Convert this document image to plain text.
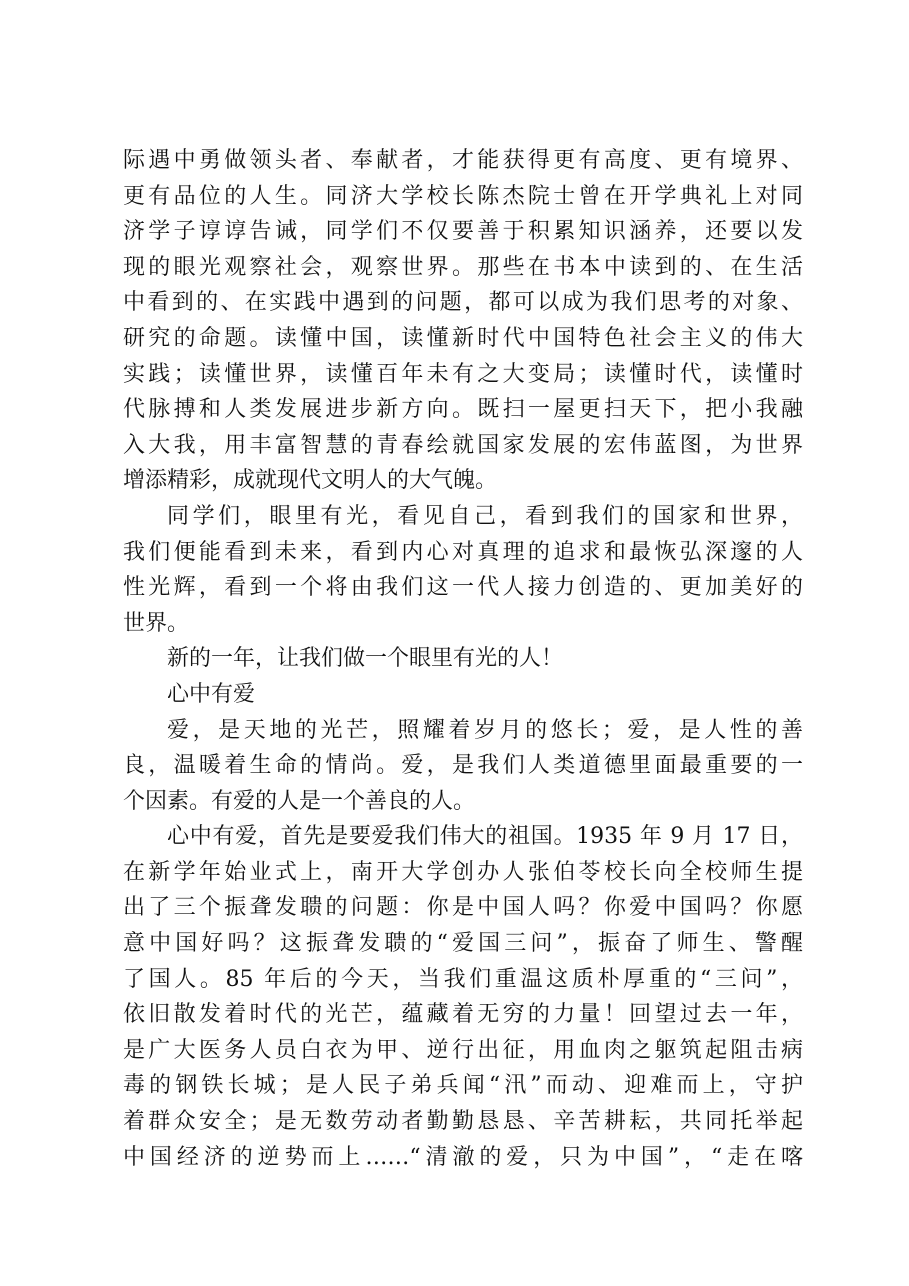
际遇中勇做领头者、奉献者，才能获得更有高度、更有境界、
更有品位的人生。同济大学校长陈杰院士曾在开学典礼上对同
济学子谆谆告诫，同学们不仅要善于积累知识涵养，还要以发
现的眼光观察社会，观察世界。那些在书本中读到的、在生活
中看到的、在实践中遇到的问题，都可以成为我们思考的对象、
研究的命题。读懂中国，读懂新时代中国特色社会主义的伟大
实践；读懂世界，读懂百年未有之大变局；读懂时代，读懂时
代脉搏和人类发展进步新方向。既扫一屋更扫天下，把小我融
入大我，用丰富智慧的青春绘就国家发展的宏伟蓝图，为世界
增添精彩，成就现代文明人的大气魄。
同学们，眼里有光，看见自己，看到我们的国家和世界，
我们便能看到未来，看到内心对真理的追求和最恢弘深邃的人
性光辉，看到一个将由我们这一代人接力创造的、更加美好的
世界。
新的一年，让我们做一个眼里有光的人！
心中有爱
爱，是天地的光芒，照耀着岁月的悠长；爱，是人性的善
良，温暖着生命的情尚。爱，是我们人类道德里面最重要的一
个因素。有爱的人是一个善良的人。
心中有爱，首先是要爱我们伟大的祖国。1935 年 9 月 17 日，
在新学年始业式上，南开大学创办人张伯苓校长向全校师生提
出了三个振聋发聩的问题：你是中国人吗？你爱中国吗？你愿
意中国好吗？这振聋发聩的“爱国三问”，振奋了师生、警醒
了国人。85 年后的今天，当我们重温这质朴厚重的“三问”，
依旧散发着时代的光芒，蕴藏着无穷的力量！回望过去一年，
是广大医务人员白衣为甲、逆行出征，用血肉之躯筑起阻击病
毒的钢铁长城；是人民子弟兵闻“汛”而动、迎难而上，守护
着群众安全；是无数劳动者勤勤恳恳、辛苦耕耘，共同托举起
中国经济的逆势而上……“清澈的爱，只为中国”，“走在喀
